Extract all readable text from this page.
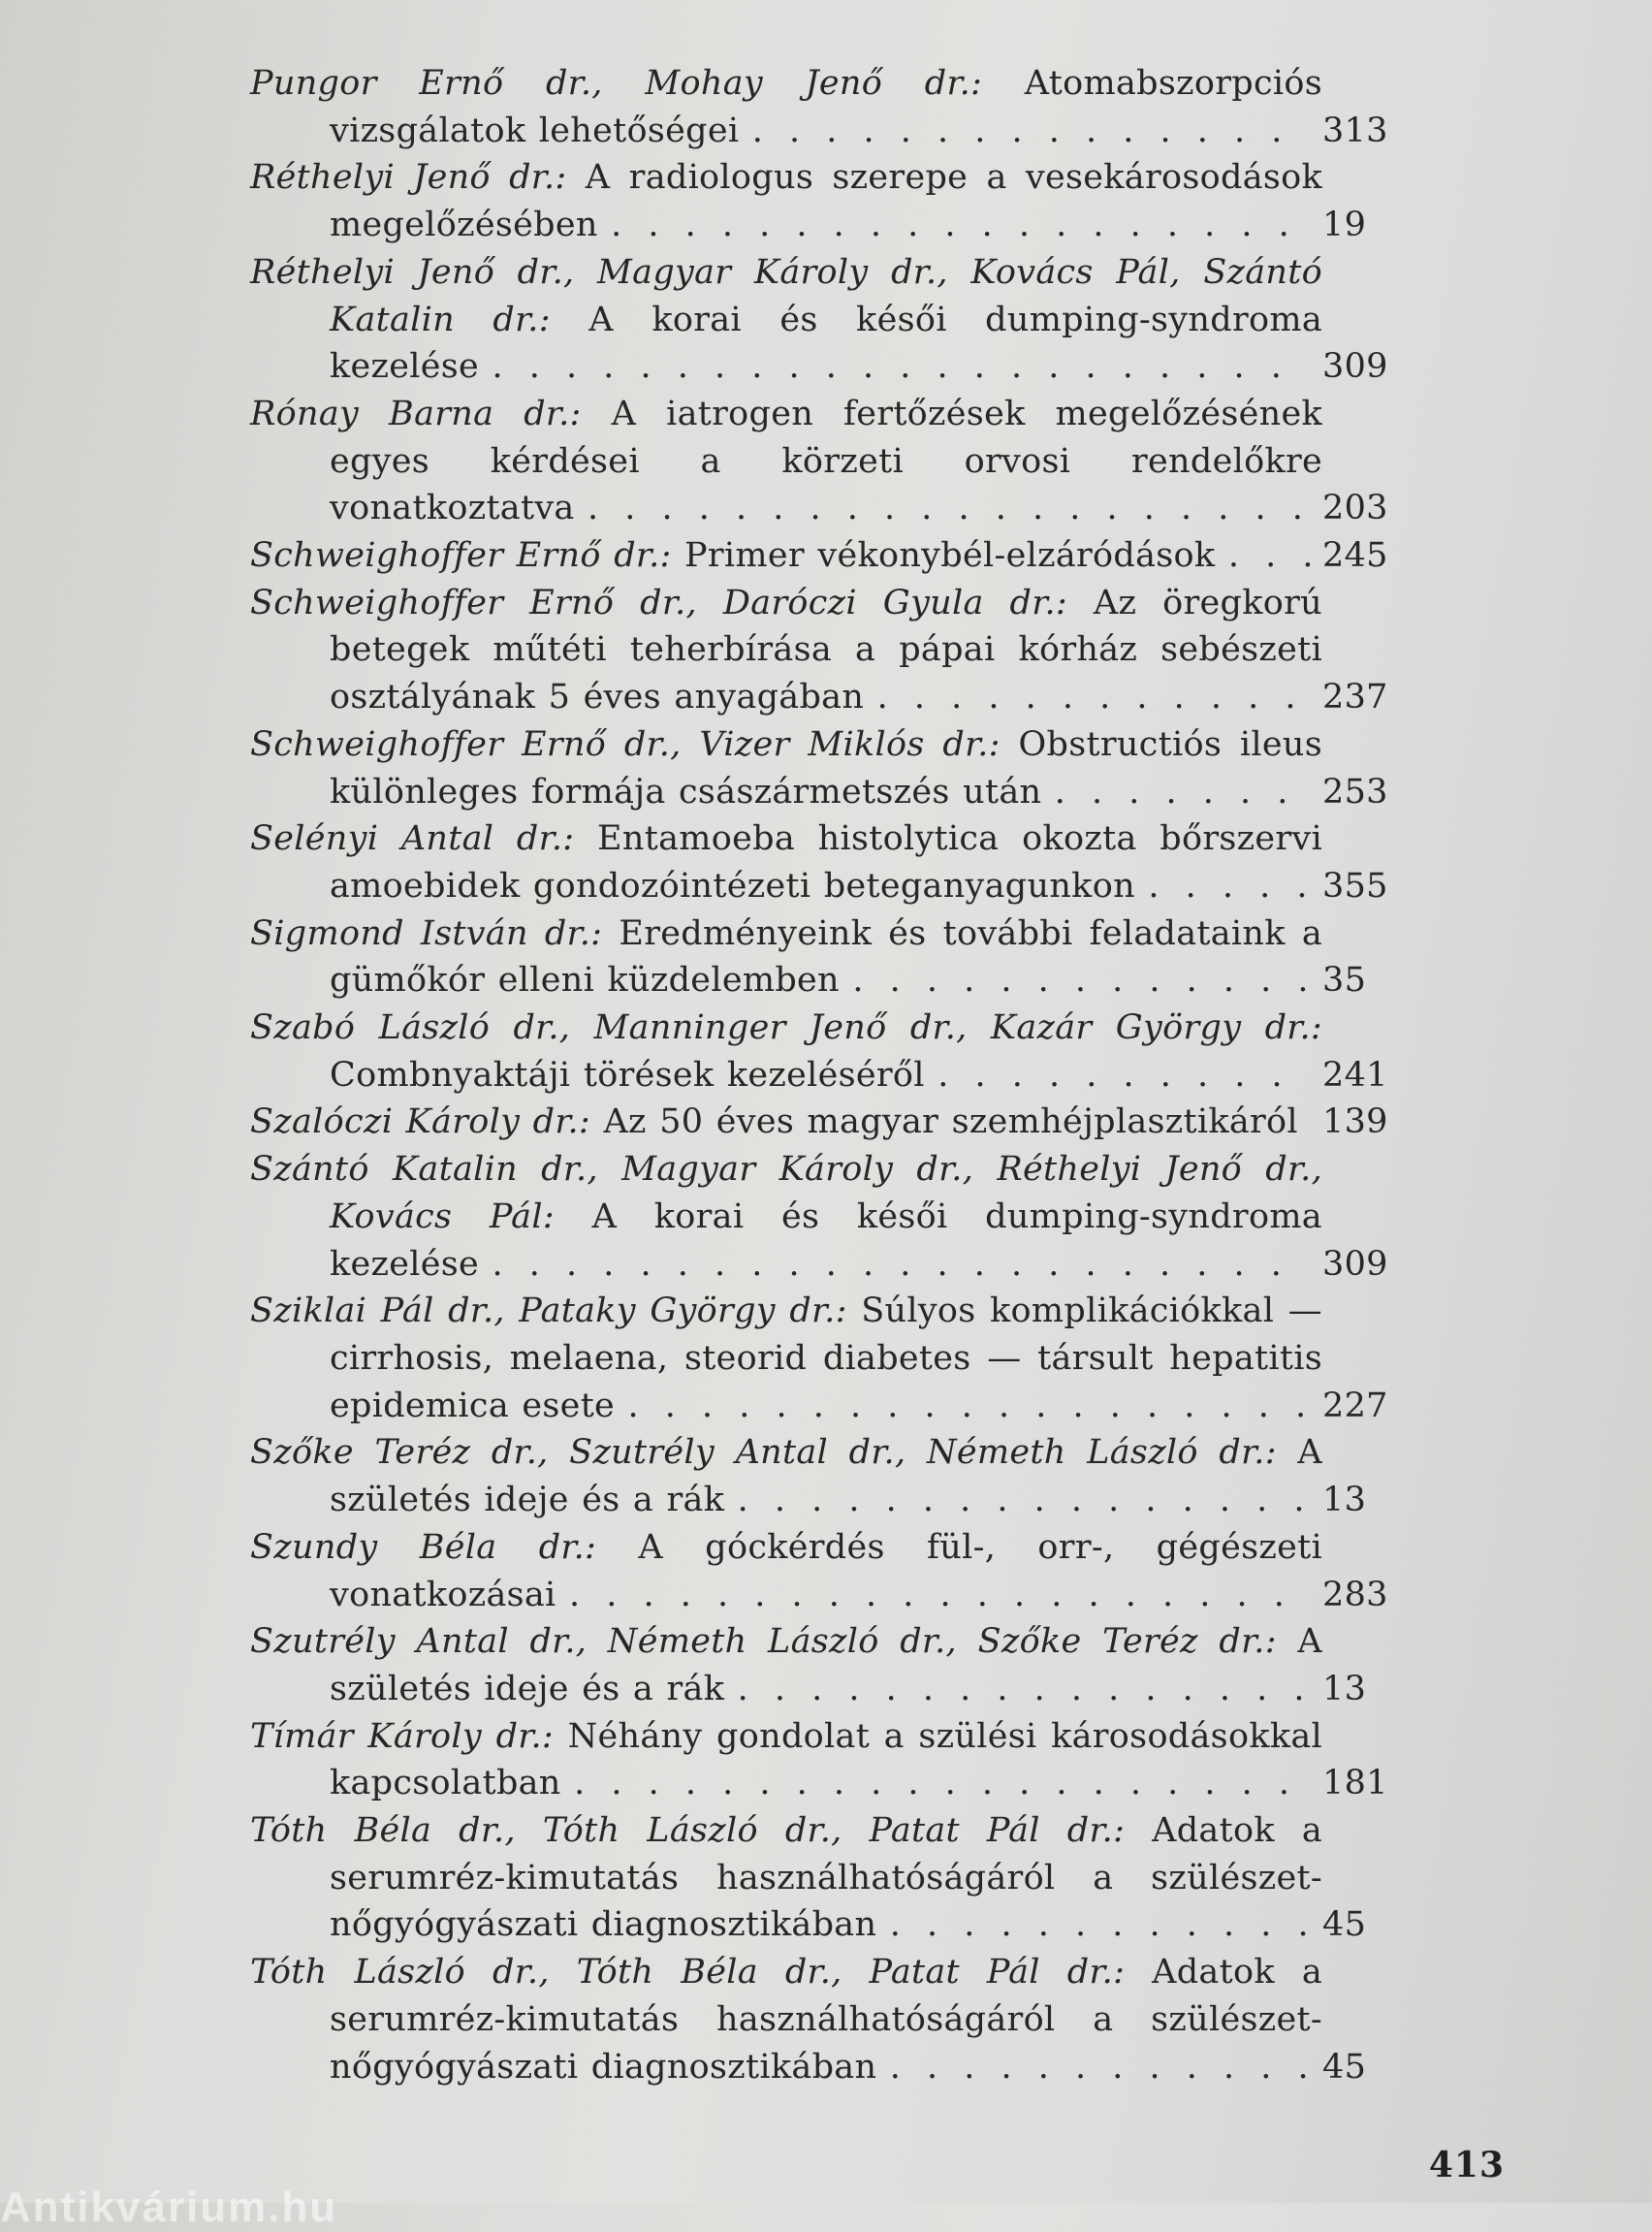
Pungor Ernő dr., Mohay Jenő dr.: Atomabszorpciós vizsgálatok lehetőségei . . . . . . . . . . . . . . . 313
Réthelyi Jenő dr.: A radiologus szerepe a vesekárosodások megelőzésében . . . . . . . . . . . . . . . . . . . 19
Réthelyi Jenő dr., Magyar Károly dr., Kovács Pál, Szántó Katalin dr.: A korai és késői dumping-syndroma kezelése . . . . . . . . . . . . . . . . . . . . . . 309
Rónay Barna dr.: A iatrogen fertőzések megelőzésének egyes kérdései a körzeti orvosi rendelőkre vonatkoztatva . . . . . . . . . . . . . . . . . . . . 203
Schweighoffer Ernő dr.: Primer vékonybél-elzáródások . . . 245
Schweighoffer Ernő dr., Daróczi Gyula dr.: Az öregkorú betegek műtéti teherbírása a pápai kórház sebészeti osztályának 5 éves anyagában . . . . . . . . . . . . 237
Schweighoffer Ernő dr., Vizer Miklós dr.: Obstructiós ileus különleges formája császármetszés után . . . . . . . 253
Selényi Antal dr.: Entamoeba histolytica okozta bőrszervi amoebidek gondozóintézeti beteganyagunkon . . . . . 355
Sigmond István dr.: Eredményeink és további feladataink a gümőkór elleni küzdelemben . . . . . . . . . . . . . 35
Szabó László dr., Manninger Jenő dr., Kazár György dr.: Combnyaktáji törések kezeléséről . . . . . . . . . . 241
Szalóczi Károly dr.: Az 50 éves magyar szemhéjplasztikáról 139
Szántó Katalin dr., Magyar Károly dr., Réthelyi Jenő dr., Kovács Pál: A korai és késői dumping-syndroma kezelése . . . . . . . . . . . . . . . . . . . . . . 309
Sziklai Pál dr., Pataky György dr.: Súlyos komplikációkkal — cirrhosis, melaena, steorid diabetes — társult hepatitis epidemica esete . . . . . . . . . . . . . . . . . . . 227
Szőke Teréz dr., Szutrély Antal dr., Németh László dr.: A születés ideje és a rák . . . . . . . . . . . . . . . . 13
Szundy Béla dr.: A góckérdés fül-, orr-, gégészeti vonatkozásai . . . . . . . . . . . . . . . . . . . . 283
Szutrély Antal dr., Németh László dr., Szőke Teréz dr.: A születés ideje és a rák . . . . . . . . . . . . . . . . 13
Tímár Károly dr.: Néhány gondolat a szülési károsodásokkal kapcsolatban . . . . . . . . . . . . . . . . . . . . 181
Tóth Béla dr., Tóth László dr., Patat Pál dr.: Adatok a serumréz-kimutatás használhatóságáról a szülészet-nőgyógyászati diagnosztikában . . . . . . . . . . . . 45
Tóth László dr., Tóth Béla dr., Patat Pál dr.: Adatok a serumréz-kimutatás használhatóságáról a szülészet-nőgyógyászati diagnosztikában . . . . . . . . . . . . 45
413
Antikvárium.hu
